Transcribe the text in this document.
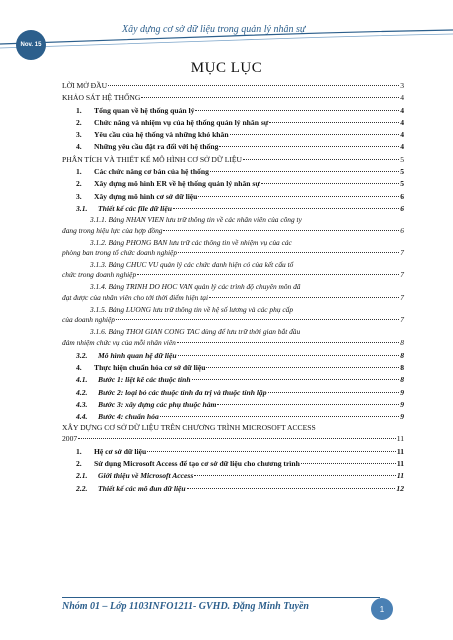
Nov. 15
Xây dựng cơ sở dữ liệu trong quản lý nhân sự
MỤC LỤC
LỜI MỞ ĐẦU	3
KHẢO SÁT HỆ THỐNG	4
1. Tổng quan về hệ thống quản lý	4
2. Chức năng và nhiệm vụ của hệ thống quản lý nhân sự	4
3. Yêu cầu của hệ thống và những khó khăn	4
4. Những yêu cầu đặt ra đối với hệ thống	4
PHÂN TÍCH VÀ THIẾT KẾ MÔ HÌNH CƠ SỞ DỮ LIỆU	5
1. Các chức năng cơ bản của hệ thống	5
2. Xây dựng mô hình ER về hệ thống quản lý nhân sự	5
3. Xây dựng mô hình cơ sở dữ liệu	6
3.1. Thiết kế các file dữ liệu	6
3.1.1. Bảng NHAN VIEN lưu trữ thông tin về các nhân viên của công ty
đang trong hiệu lực của hợp đồng	6
3.1.2. Bảng PHONG BAN lưu trữ các thông tin về nhiệm vụ của các
phòng ban trong tổ chức doanh nghiệp	7
3.1.3. Bảng CHUC VU quản lý các chức danh hiện có của kết cấu tổ
chức trong doanh nghiệp	7
3.1.4. Bảng TRINH DO HOC VAN quản lý các trình độ chuyên môn đã
đạt được của nhân viên cho tới thời điểm hiện tại	7
3.1.5. Bảng LUONG lưu trữ thông tin về hệ số lương và các phụ cấp
của doanh nghiệp	7
3.1.6. Bảng THOI GIAN CONG TAC dùng để lưu trữ thời gian bắt đầu
đảm nhiệm chức vụ của mỗi nhân viên	8
3.2. Mô hình quan hệ dữ liệu	8
4. Thực hiện chuẩn hóa cơ sở dữ liệu	8
4.1. Bước 1: liệt kê các thuộc tính	8
4.2. Bước 2: loại bỏ các thuộc tính đa trị và thuộc tính lặp	9
4.3. Bước 3: xây dựng các phụ thuộc hàm	9
4.4. Bước 4: chuẩn hóa	9
XÂY DỰNG CƠ SỞ DỮ LIỆU TRÊN CHƯƠNG TRÌNH MICROSOFT ACCESS
2007	11
1. Hệ cơ sở dữ liệu	11
2. Sử dụng Microsoft Access để tạo cơ sở dữ liệu cho chương trình	11
2.1. Giới thiệu về Microsoft Access	11
2.2. Thiết kế các mô đun dữ liệu	12
Nhóm 01 – Lớp 1103INFO1211- GVHD. Đặng Minh Tuyền	1
